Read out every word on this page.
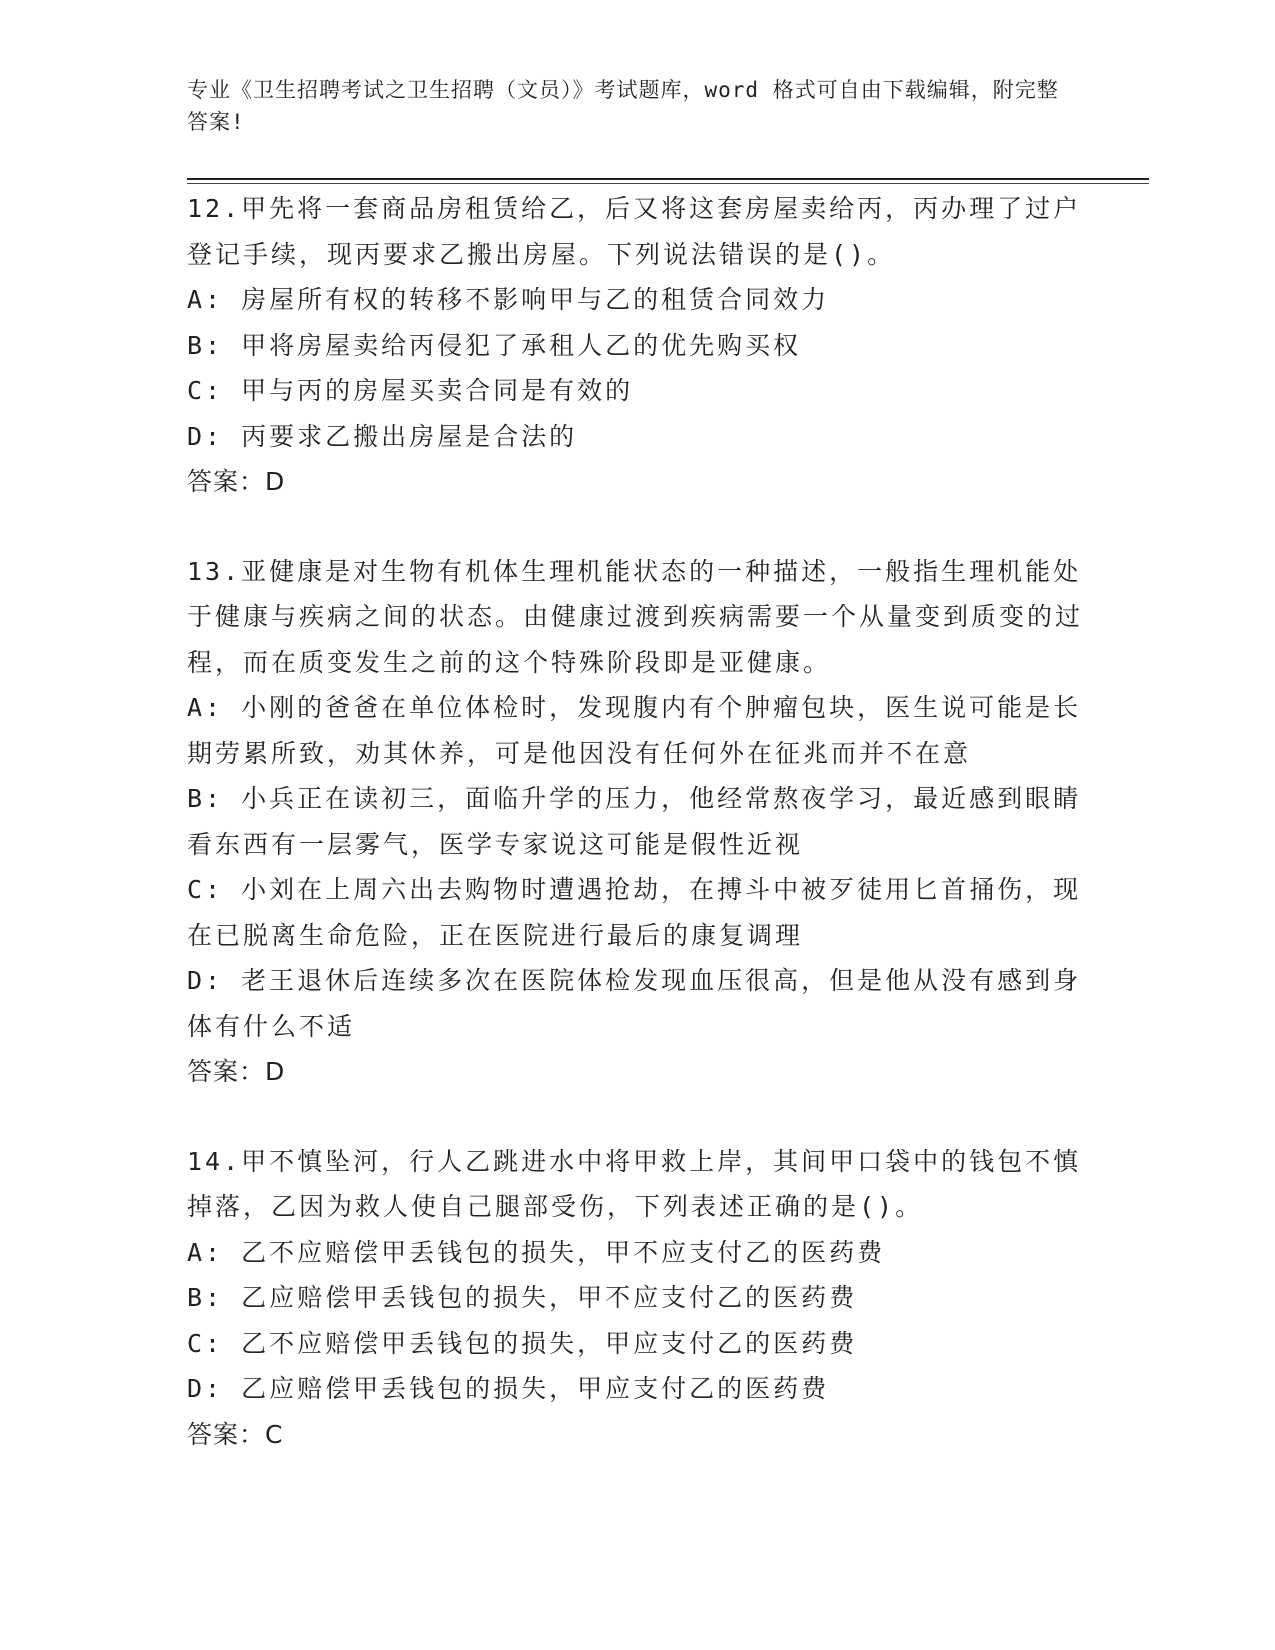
专业《卫生招聘考试之卫生招聘（文员）》考试题库，word 格式可自由下载编辑，附完整答案!
12.甲先将一套商品房租赁给乙，后又将这套房屋卖给丙，丙办理了过户登记手续，现丙要求乙搬出房屋。下列说法错误的是()。
A: 房屋所有权的转移不影响甲与乙的租赁合同效力
B: 甲将房屋卖给丙侵犯了承租人乙的优先购买权
C: 甲与丙的房屋买卖合同是有效的
D: 丙要求乙搬出房屋是合法的
答案：D
13.亚健康是对生物有机体生理机能状态的一种描述，一般指生理机能处于健康与疾病之间的状态。由健康过渡到疾病需要一个从量变到质变的过程，而在质变发生之前的这个特殊阶段即是亚健康。
A: 小刚的爸爸在单位体检时，发现腹内有个肿瘤包块，医生说可能是长期劳累所致，劝其休养，可是他因没有任何外在征兆而并不在意
B: 小兵正在读初三，面临升学的压力，他经常熬夜学习，最近感到眼睛看东西有一层雾气，医学专家说这可能是假性近视
C: 小刘在上周六出去购物时遭遇抢劫，在搏斗中被歹徒用匕首捅伤，现在已脱离生命危险，正在医院进行最后的康复调理
D: 老王退休后连续多次在医院体检发现血压很高，但是他从没有感到身体有什么不适
答案：D
14.甲不慎坠河，行人乙跳进水中将甲救上岸，其间甲口袋中的钱包不慎掉落，乙因为救人使自己腿部受伤，下列表述正确的是()。
A: 乙不应赔偿甲丢钱包的损失，甲不应支付乙的医药费
B: 乙应赔偿甲丢钱包的损失，甲不应支付乙的医药费
C: 乙不应赔偿甲丢钱包的损失，甲应支付乙的医药费
D: 乙应赔偿甲丢钱包的损失，甲应支付乙的医药费
答案：C
